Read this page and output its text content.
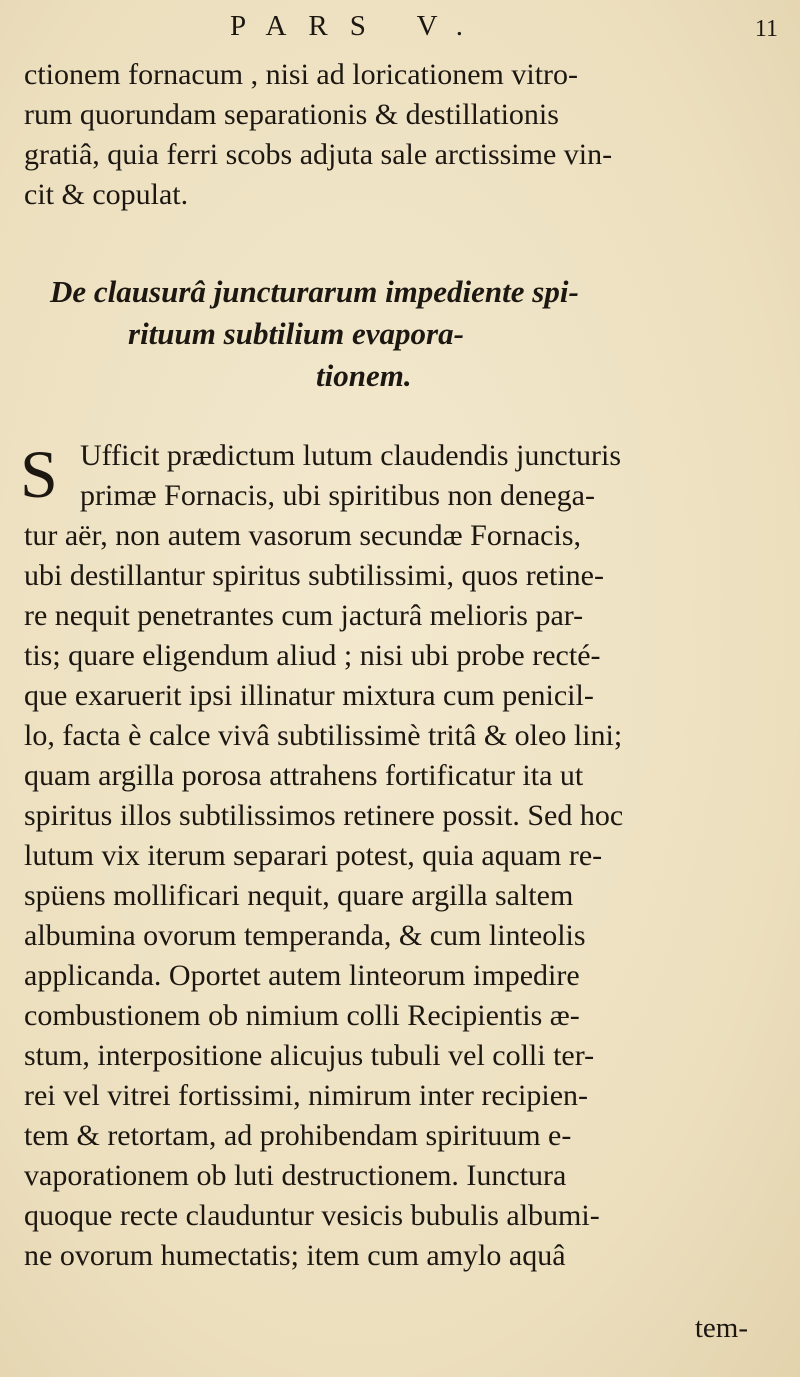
PARS V.	11
ctionem fornacum , nisi ad loricationem vitro-
rum quorundam separationis & destillationis
gratiâ, quia ferri scobs adjuta sale arctissime vin-
cit & copulat.
De clausurâ juncturarum impediente spi-
rituum subtilium evapora-
tionem.
S Ufficit prædictum lutum claudendis juncturis
primæ Fornacis, ubi spiritibus non denega-
tur aër, non autem vasorum secundæ Fornacis,
ubi destillantur spiritus subtilissimi, quos retine-
re nequit penetrantes cum jacturâ melioris par-
tis; quare eligendum aliud ; nisi ubi probe recté-
que exaruerit ipsi illinatur mixtura cum penicil-
lo, facta è calce vivâ subtilissimè tritâ & oleo lini;
quam argilla porosa attrahens fortificatur ita ut
spiritus illos subtilissimos retinere possit. Sed hoc
lutum vix iterum separari potest, quia aquam re-
spüens mollificari nequit, quare argilla saltem
albumina ovorum temperanda, & cum linteolis
applicanda. Oportet autem linteorum impedire
combustionem ob nimium colli Recipientis æ-
stum, interpositione alicujus tubuli vel colli ter-
rei vel vitrei fortissimi, nimirum inter recipien-
tem & retortam, ad prohibendam spirituum e-
vaporationem ob luti destructionem. Iunctura
quoque recte clauduntur vesicis bubulis albumi-
ne ovorum humectatis; item cum amylo aquâ
tem-
